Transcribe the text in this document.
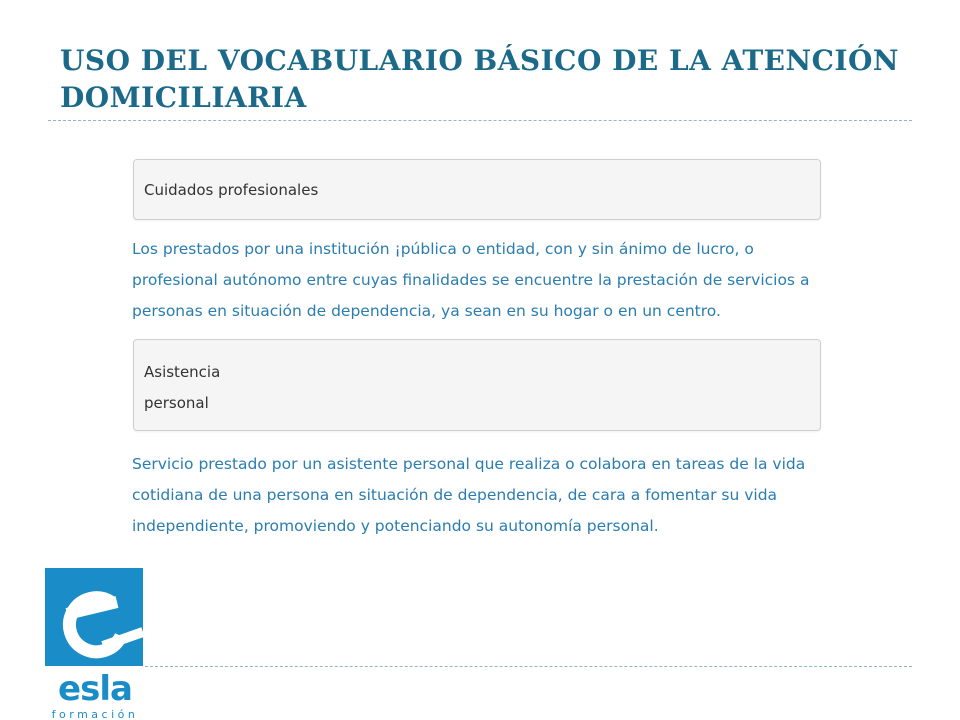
USO DEL VOCABULARIO BÁSICO DE LA ATENCIÓN DOMICILIARIA
Cuidados profesionales

Los prestados por una institución ¡pública o entidad, con y sin ánimo de lucro, o profesional autónomo entre cuyas finalidades se encuentre la prestación de servicios a personas en situación de dependencia, ya sean en su hogar o en un centro.

Asistencia personal

Servicio prestado por un asistente personal que realiza o colabora en tareas de la vida cotidiana de una persona en situación de dependencia, de cara a fomentar su vida independiente, promoviendo y potenciando su autonomía personal.

esla
formación
